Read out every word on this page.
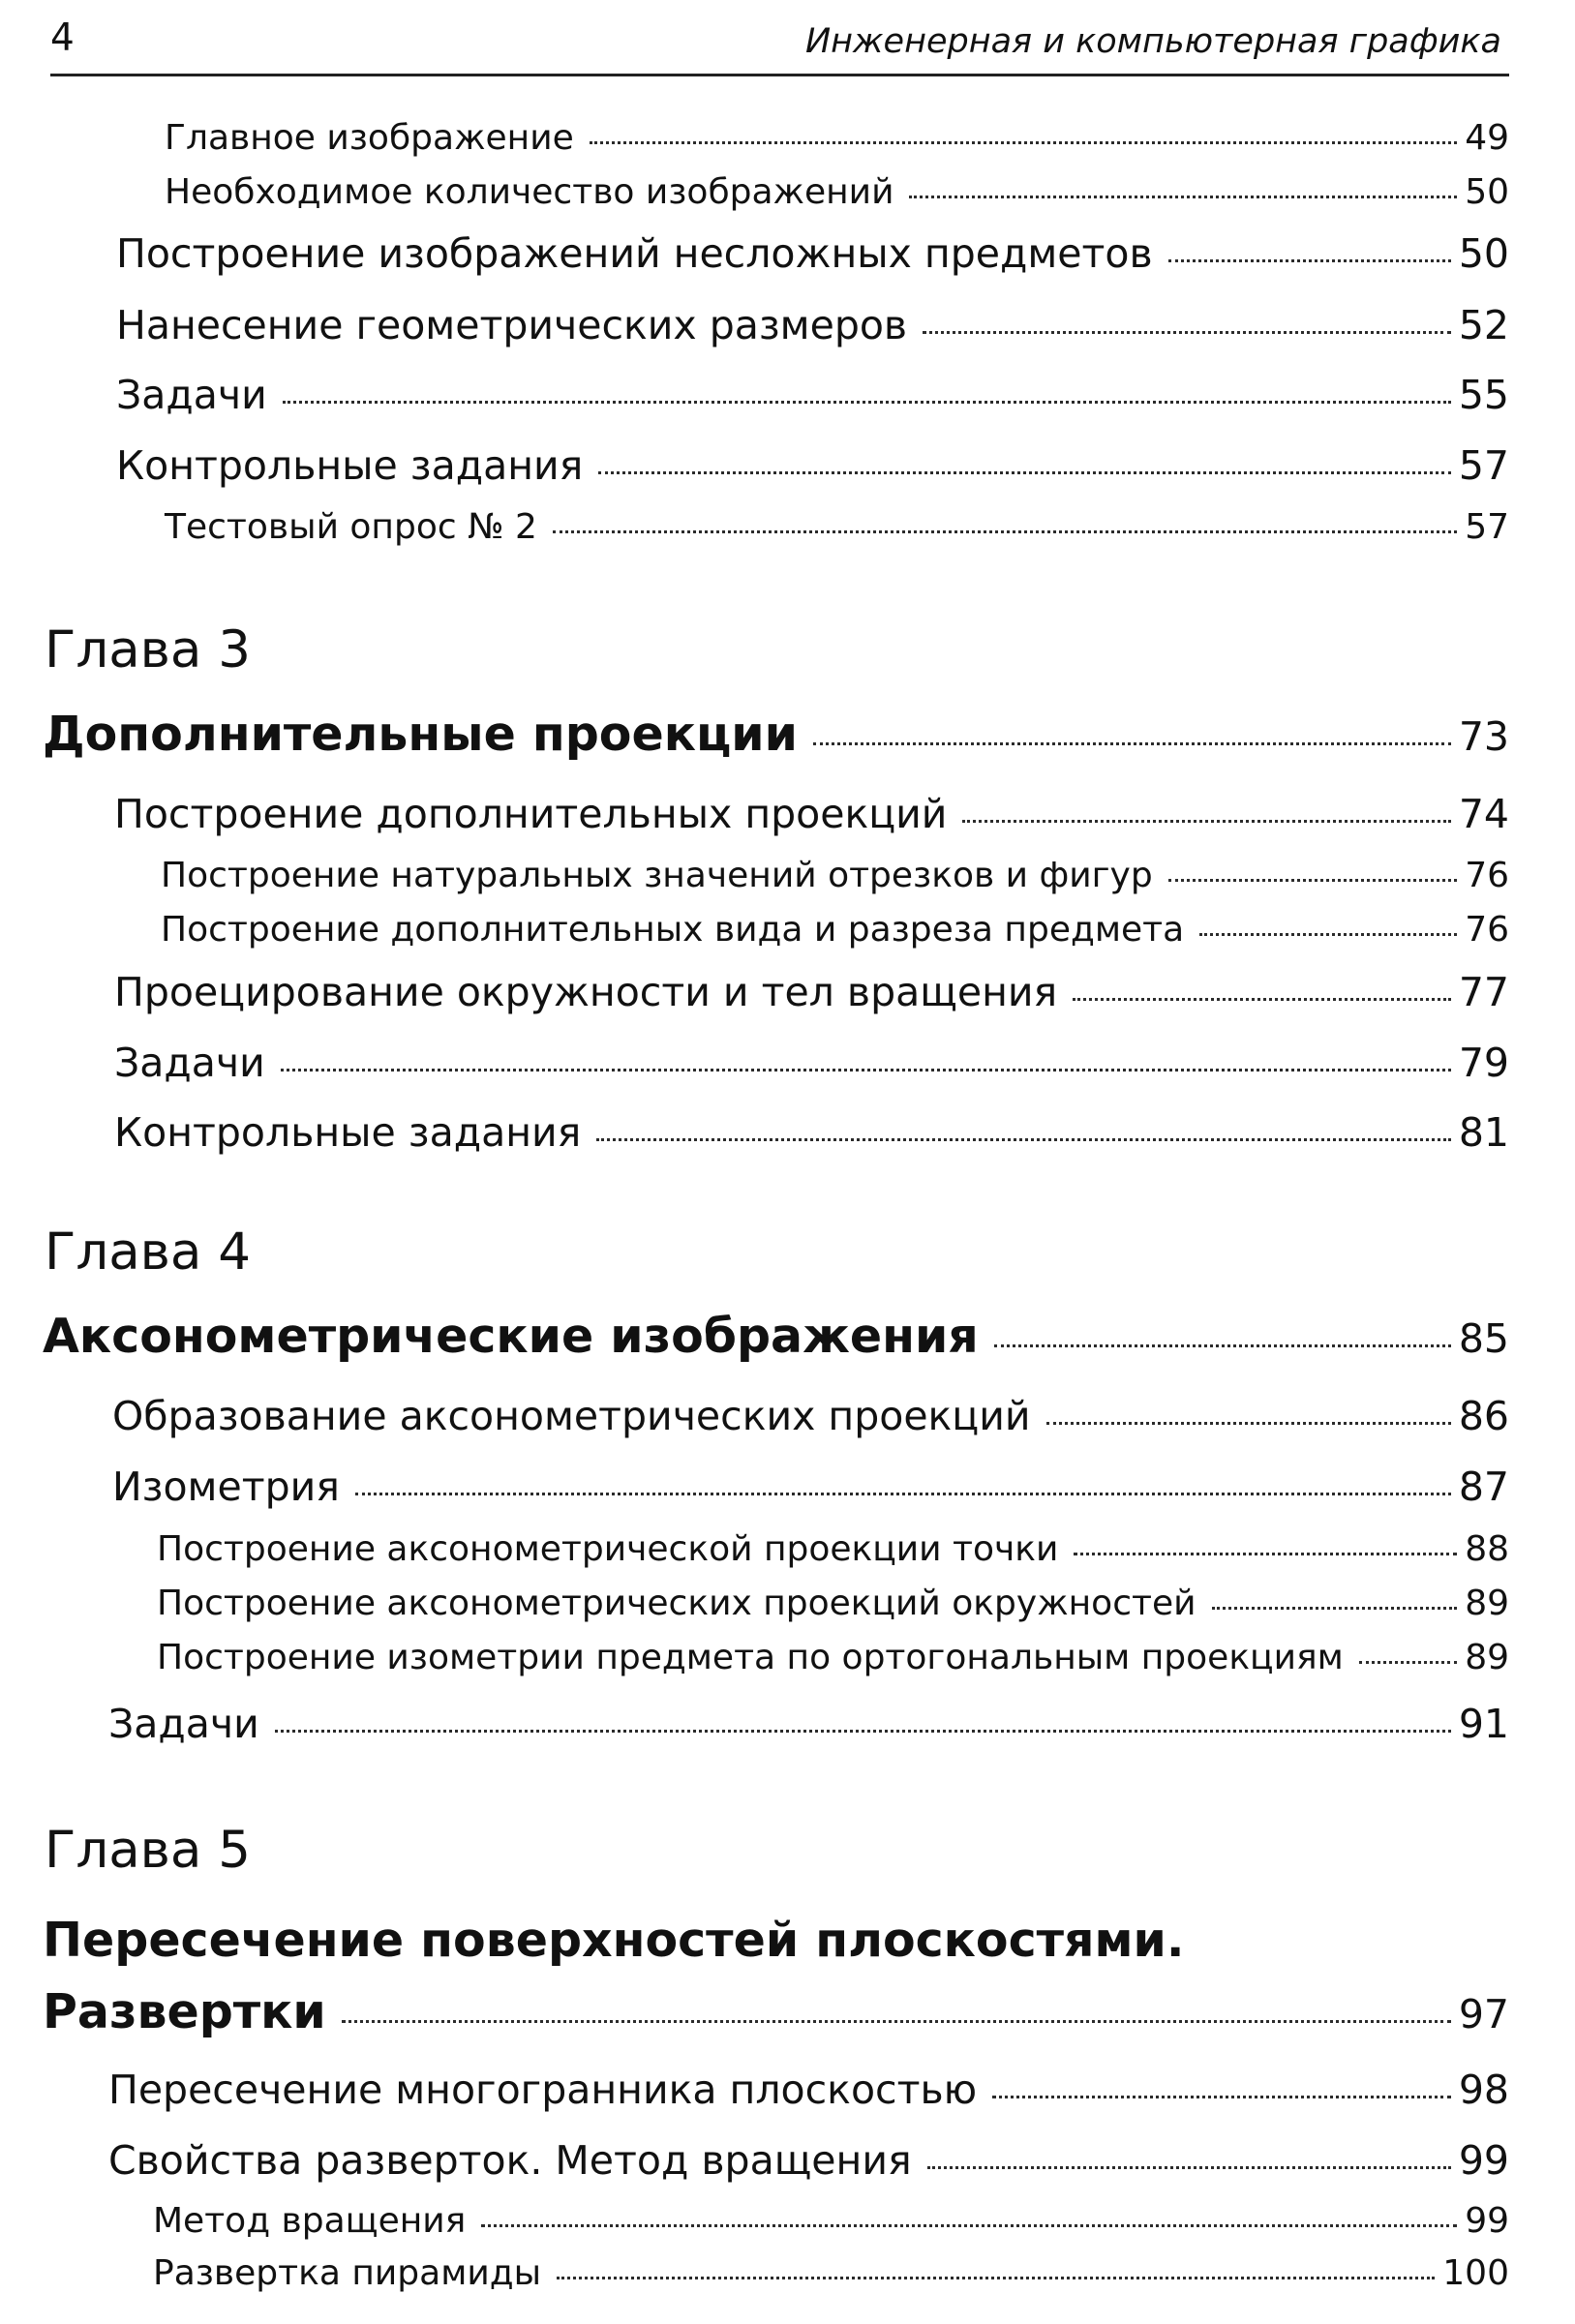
4	Инженерная и компьютерная графика
Главное изображение	49
Необходимое количество изображений	50
Построение изображений несложных предметов	50
Нанесение геометрических размеров	52
Задачи	55
Контрольные задания	57
Тестовый опрос № 2	57
Глава 3
Дополнительные проекции	73
Построение дополнительных проекций	74
Построение натуральных значений отрезков и фигур	76
Построение дополнительных вида и разреза предмета	76
Проецирование окружности и тел вращения	77
Задачи	79
Контрольные задания	81
Глава 4
Аксонометрические изображения	85
Образование аксонометрических проекций	86
Изометрия	87
Построение аксонометрической проекции точки	88
Построение аксонометрических проекций окружностей	89
Построение изометрии предмета по ортогональным проекциям	89
Задачи	91
Глава 5
Пересечение поверхностей плоскостями.
Развертки	97
Пересечение многогранника плоскостью	98
Свойства разверток. Метод вращения	99
Метод вращения	99
Развертка пирамиды	100
